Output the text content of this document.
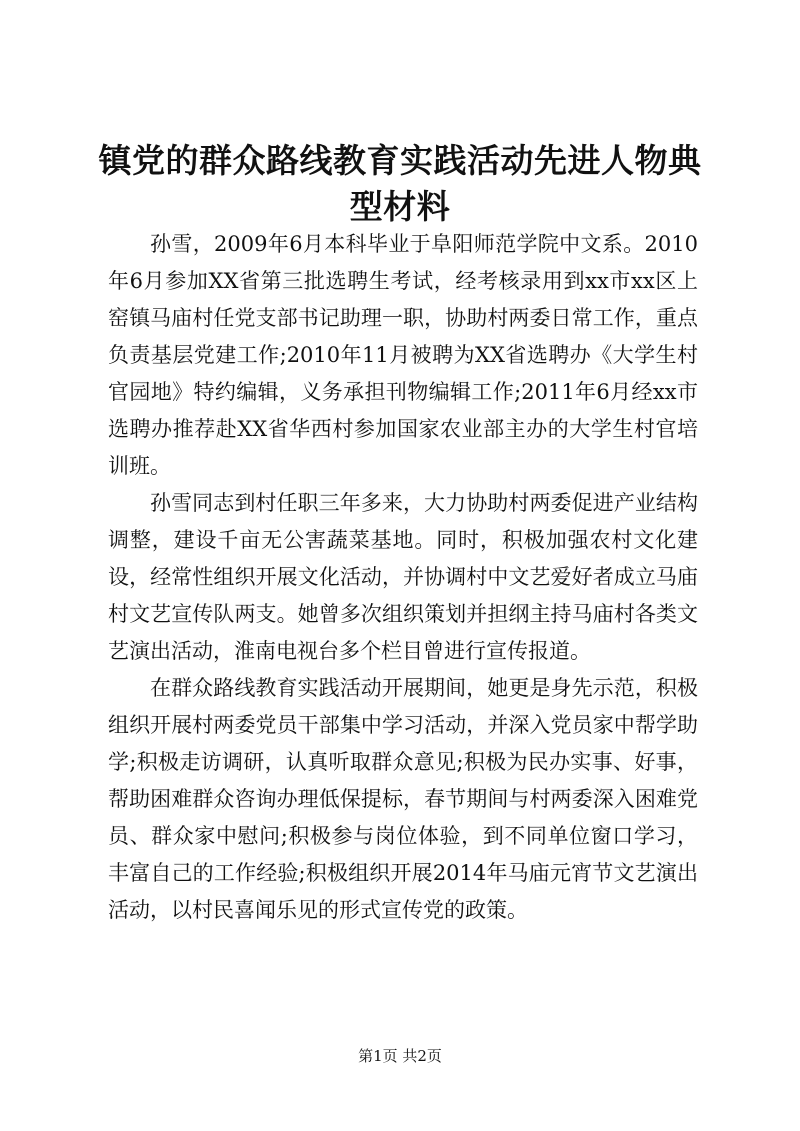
镇党的群众路线教育实践活动先进人物典型材料

孙雪，2009年6月本科毕业于阜阳师范学院中文系。2010年6月参加XX省第三批选聘生考试，经考核录用到xx市xx区上窑镇马庙村任党支部书记助理一职，协助村两委日常工作，重点负责基层党建工作;2010年11月被聘为XX省选聘办《大学生村官园地》特约编辑，义务承担刊物编辑工作;2011年6月经xx市选聘办推荐赴XX省华西村参加国家农业部主办的大学生村官培训班。

孙雪同志到村任职三年多来，大力协助村两委促进产业结构调整，建设千亩无公害蔬菜基地。同时，积极加强农村文化建设，经常性组织开展文化活动，并协调村中文艺爱好者成立马庙村文艺宣传队两支。她曾多次组织策划并担纲主持马庙村各类文艺演出活动，淮南电视台多个栏目曾进行宣传报道。

在群众路线教育实践活动开展期间，她更是身先示范，积极组织开展村两委党员干部集中学习活动，并深入党员家中帮学助学;积极走访调研，认真听取群众意见;积极为民办实事、好事，帮助困难群众咨询办理低保提标，春节期间与村两委深入困难党员、群众家中慰问;积极参与岗位体验，到不同单位窗口学习，丰富自己的工作经验;积极组织开展2014年马庙元宵节文艺演出活动，以村民喜闻乐见的形式宣传党的政策。

第1页 共2页
